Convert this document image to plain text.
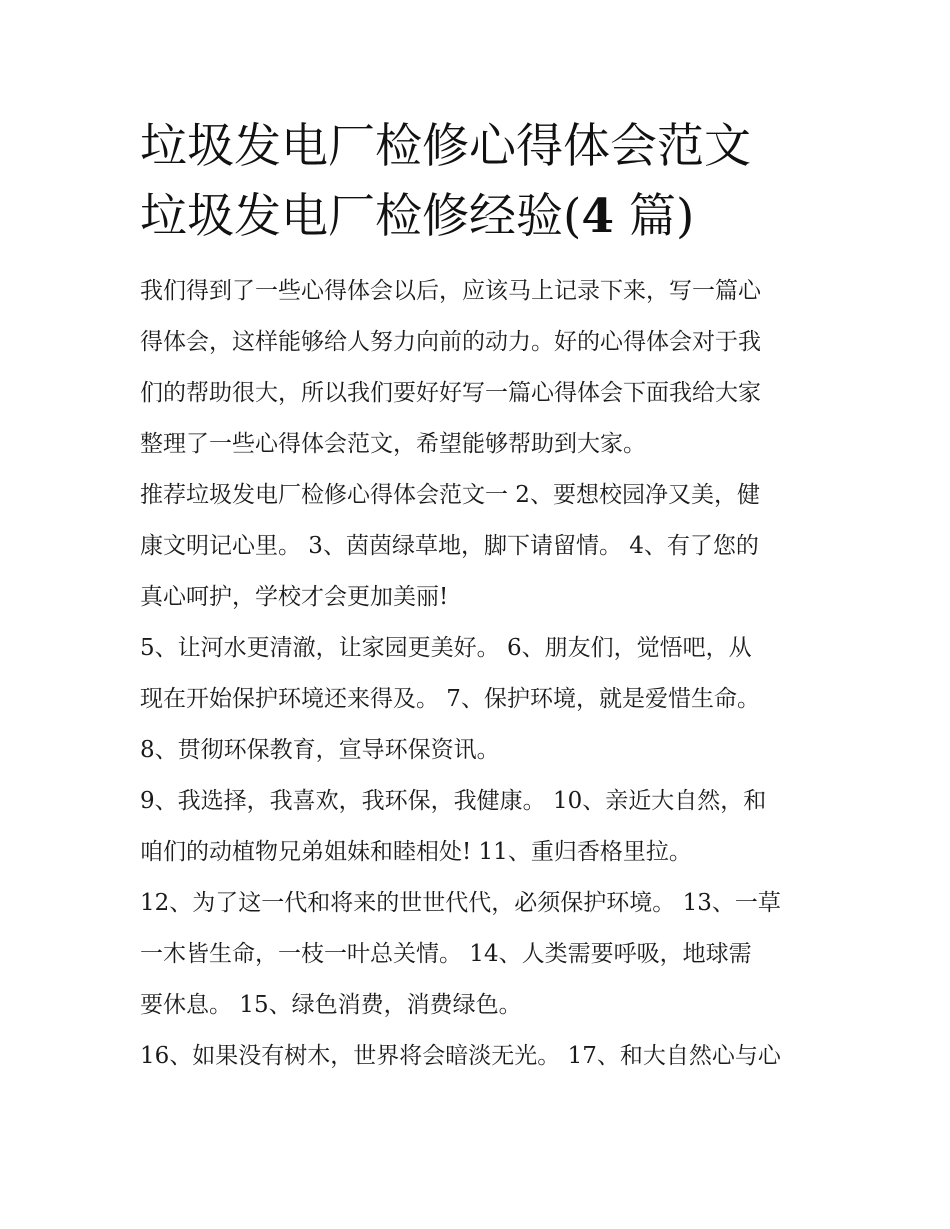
垃圾发电厂检修心得体会范文
垃圾发电厂检修经验(4 篇)

我们得到了一些心得体会以后，应该马上记录下来，写一篇心
得体会，这样能够给人努力向前的动力。好的心得体会对于我
们的帮助很大，所以我们要好好写一篇心得体会下面我给大家
整理了一些心得体会范文，希望能够帮助到大家。

推荐垃圾发电厂检修心得体会范文一 2、要想校园净又美，健
康文明记心里。 3、茵茵绿草地，脚下请留情。 4、有了您的
真心呵护，学校才会更加美丽!

5、让河水更清澈，让家园更美好。 6、朋友们，觉悟吧，从
现在开始保护环境还来得及。 7、保护环境，就是爱惜生命。

8、贯彻环保教育，宣导环保资讯。

9、我选择，我喜欢，我环保，我健康。 10、亲近大自然，和
咱们的动植物兄弟姐妹和睦相处! 11、重归香格里拉。

12、为了这一代和将来的世世代代，必须保护环境。 13、一草
一木皆生命，一枝一叶总关情。 14、人类需要呼吸，地球需
要休息。 15、绿色消费，消费绿色。

16、如果没有树木，世界将会暗淡无光。 17、和大自然心与心
